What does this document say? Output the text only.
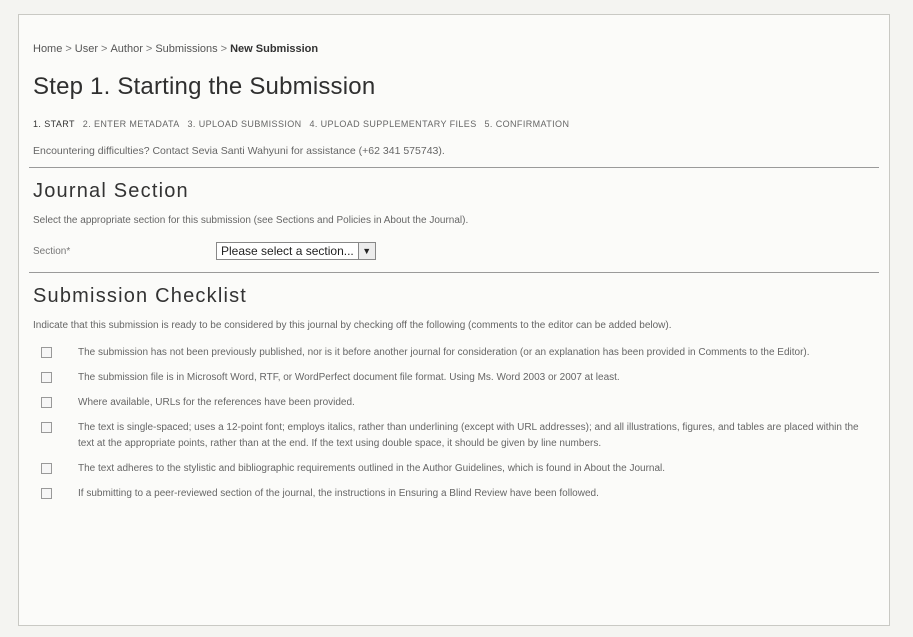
Home > User > Author > Submissions > New Submission
Step 1. Starting the Submission
1. START 2. ENTER METADATA 3. UPLOAD SUBMISSION 4. UPLOAD SUPPLEMENTARY FILES 5. CONFIRMATION
Encountering difficulties? Contact Sevia Santi Wahyuni for assistance (+62 341 575743).
Journal Section
Select the appropriate section for this submission (see Sections and Policies in About the Journal).
Section*	Please select a section... ▼
Submission Checklist
Indicate that this submission is ready to be considered by this journal by checking off the following (comments to the editor can be added below).
The submission has not been previously published, nor is it before another journal for consideration (or an explanation has been provided in Comments to the Editor).
The submission file is in Microsoft Word, RTF, or WordPerfect document file format. Using Ms. Word 2003 or 2007 at least.
Where available, URLs for the references have been provided.
The text is single-spaced; uses a 12-point font; employs italics, rather than underlining (except with URL addresses); and all illustrations, figures, and tables are placed within the text at the appropriate points, rather than at the end. If the text using double space, it should be given by line numbers.
The text adheres to the stylistic and bibliographic requirements outlined in the Author Guidelines, which is found in About the Journal.
If submitting to a peer-reviewed section of the journal, the instructions in Ensuring a Blind Review have been followed.
